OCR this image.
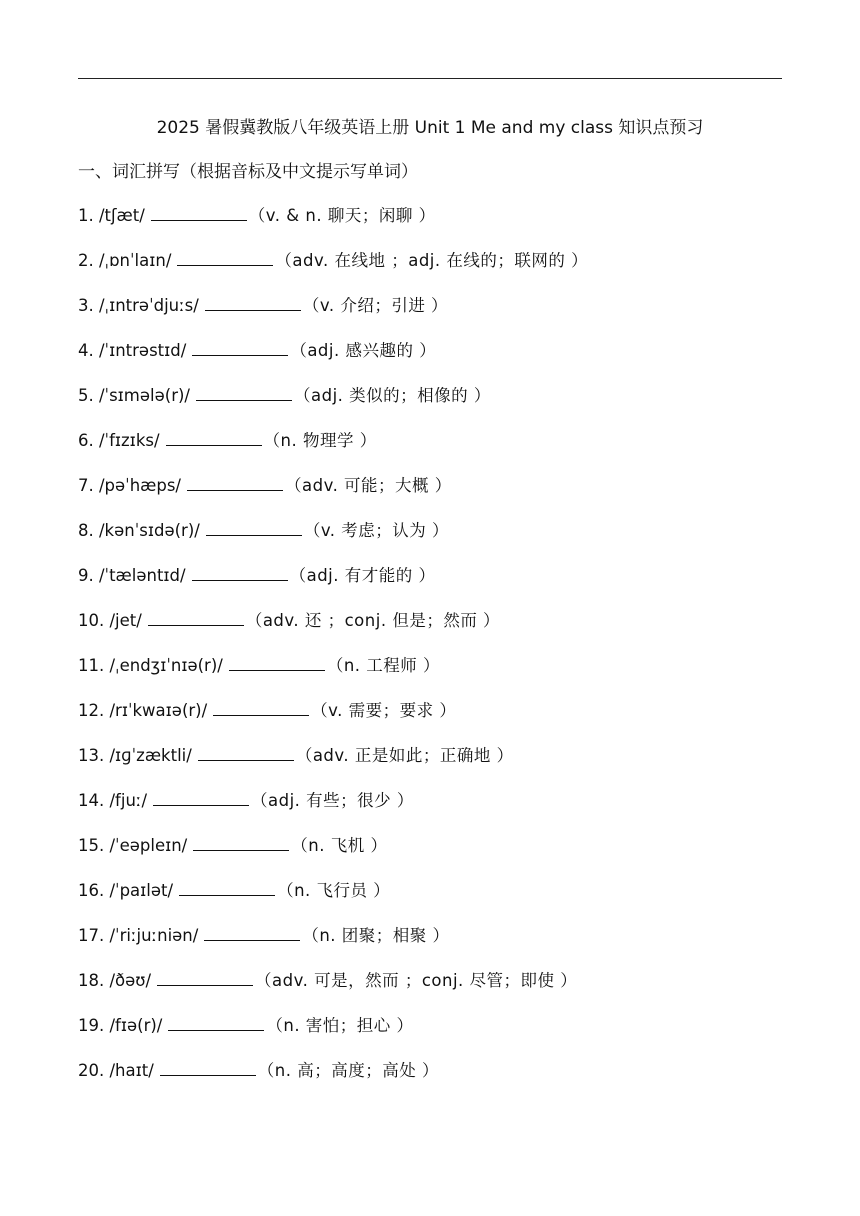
2025 暑假冀教版八年级英语上册 Unit 1 Me and my class 知识点预习
一、词汇拼写（根据音标及中文提示写单词）
1. /tʃæt/	（v. & n. 聊天；闲聊 ）
2. /ˌɒnˈlaɪn/	（adv. 在线地 ；adj. 在线的；联网的 ）
3. /ˌɪntrəˈdjuːs/	（v. 介绍；引进 ）
4. /ˈɪntrəstɪd/	（adj. 感兴趣的 ）
5. /ˈsɪmələ(r)/	（adj. 类似的；相像的 ）
6. /ˈfɪzɪks/	（n. 物理学 ）
7. /pəˈhæps/	（adv. 可能；大概 ）
8. /kənˈsɪdə(r)/	（v. 考虑；认为 ）
9. /ˈtæləntɪd/	（adj. 有才能的 ）
10. /jet/	（adv. 还 ；conj. 但是；然而 ）
11. /ˌendʒɪˈnɪə(r)/	（n. 工程师 ）
12. /rɪˈkwaɪə(r)/	（v. 需要；要求 ）
13. /ɪɡˈzæktli/	（adv. 正是如此；正确地 ）
14. /fjuː/	（adj. 有些；很少 ）
15. /ˈeəpleɪn/	（n. 飞机 ）
16. /ˈpaɪlət/	（n. 飞行员 ）
17. /ˈriːjuːniən/	（n. 团聚；相聚 ）
18. /ðəʊ/	（adv. 可是，然而 ；conj. 尽管；即使 ）
19. /fɪə(r)/	（n. 害怕；担心 ）
20. /haɪt/	（n. 高；高度；高处 ）
